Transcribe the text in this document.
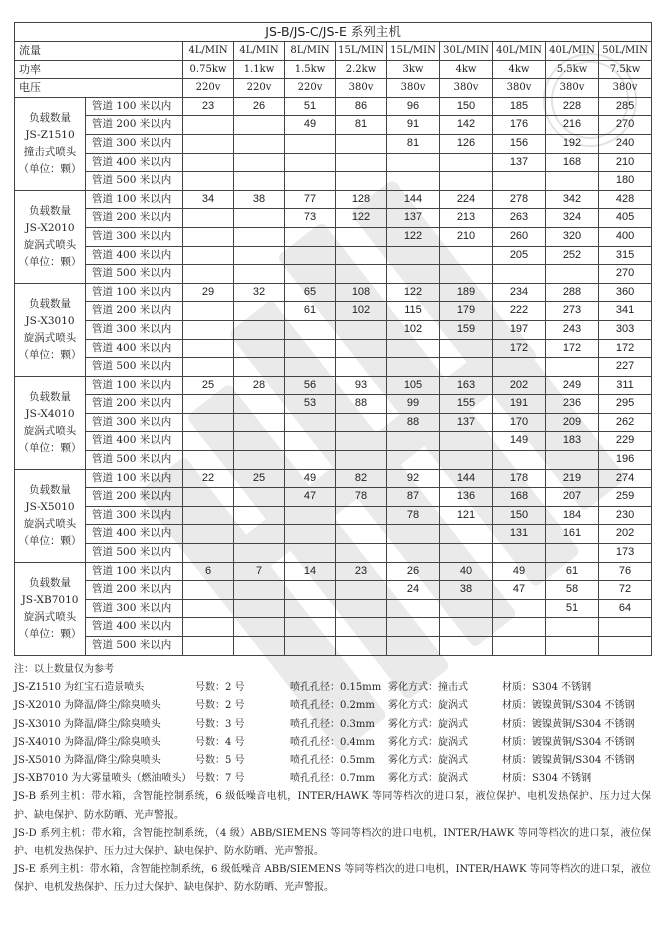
JS-B/JS-C/JS-E 系列主机										
流量		4L/MIN	4L/MIN	8L/MIN	15L/MIN	15L/MIN	30L/MIN	40L/MIN	40L/MIN	50L/MIN
功率		0.75kw	1.1kw	1.5kw	2.2kw	3kw	4kw	4kw	5.5kw	7.5kw
电压		220v	220v	220v	380v	380v	380v	380v	380v	380v

负载数量
JS-Z1510
撞击式喷头
（单位：颗）	管道 100 米以内	23	26	51	86	96	150	185	228	285
	管道 200 米以内			49	81	91	142	176	216	270
	管道 300 米以内					81	126	156	192	240
	管道 400 米以内							137	168	210
	管道 500 米以内									180

负载数量
JS-X2010
旋涡式喷头
（单位：颗）	管道 100 米以内	34	38	77	128	144	224	278	342	428
	管道 200 米以内			73	122	137	213	263	324	405
	管道 300 米以内					122	210	260	320	400
	管道 400 米以内							205	252	315
	管道 500 米以内									270

负载数量
JS-X3010
旋涡式喷头
（单位：颗）	管道 100 米以内	29	32	65	108	122	189	234	288	360
	管道 200 米以内			61	102	115	179	222	273	341
	管道 300 米以内					102	159	197	243	303
	管道 400 米以内							172	172	172
	管道 500 米以内									227

负载数量
JS-X4010
旋涡式喷头
（单位：颗）	管道 100 米以内	25	28	56	93	105	163	202	249	311
	管道 200 米以内			53	88	99	155	191	236	295
	管道 300 米以内					88	137	170	209	262
	管道 400 米以内							149	183	229
	管道 500 米以内									196

负载数量
JS-X5010
旋涡式喷头
（单位：颗）	管道 100 米以内	22	25	49	82	92	144	178	219	274
	管道 200 米以内			47	78	87	136	168	207	259
	管道 300 米以内					78	121	150	184	230
	管道 400 米以内							131	161	202
	管道 500 米以内									173

负载数量
JS-XB7010
旋涡式喷头
（单位：颗）	管道 100 米以内	6	7	14	23	26	40	49	61	76
	管道 200 米以内					24	38	47	58	72
	管道 300 米以内								51	64
	管道 400 米以内									
	管道 500 米以内									
注：以上数量仅为参考
JS-Z1510 为红宝石造景喷头	号数：2 号	喷孔孔径：0.15mm 雾化方式：撞击式	材质：S304 不锈钢
JS-X2010 为降温/降尘/除臭喷头	号数：2 号	喷孔孔径：0.2mm 雾化方式：旋涡式	材质：镀镍黄铜/S304 不锈钢
JS-X3010 为降温/降尘/除臭喷头	号数：3 号	喷孔孔径：0.3mm 雾化方式：旋涡式	材质：镀镍黄铜/S304 不锈钢
JS-X4010 为降温/降尘/除臭喷头	号数：4 号	喷孔孔径：0.4mm 雾化方式：旋涡式	材质：镀镍黄铜/S304 不锈钢
JS-X5010 为降温/降尘/除臭喷头	号数：5 号	喷孔孔径：0.5mm 雾化方式：旋涡式	材质：镀镍黄铜/S304 不锈钢
JS-XB7010 为大雾量喷头（燃油喷头） 号数：7 号	喷孔孔径：0.7mm 雾化方式：旋涡式	材质：S304 不锈钢
JS-B 系列主机：带水箱，含智能控制系统，6 级低噪音电机，INTER/HAWK 等同等档次的进口泵，液位保护、电机发热保护、压力过大保护、缺电保护、防水防晒、光声警报。
JS-D 系列主机：带水箱，含智能控制系统，（4 级）ABB/SIEMENS 等同等档次的进口电机，INTER/HAWK 等同等档次的进口泵，液位保护、电机发热保护、压力过大保护、缺电保护、防水防晒、光声警报。
JS-E 系列主机：带水箱，含智能控制系统，6 级低噪音 ABB/SIEMENS 等同等档次的进口电机，INTER/HAWK 等同等档次的进口泵，液位保护、电机发热保护、压力过大保护、缺电保护、防水防晒、光声警报。
